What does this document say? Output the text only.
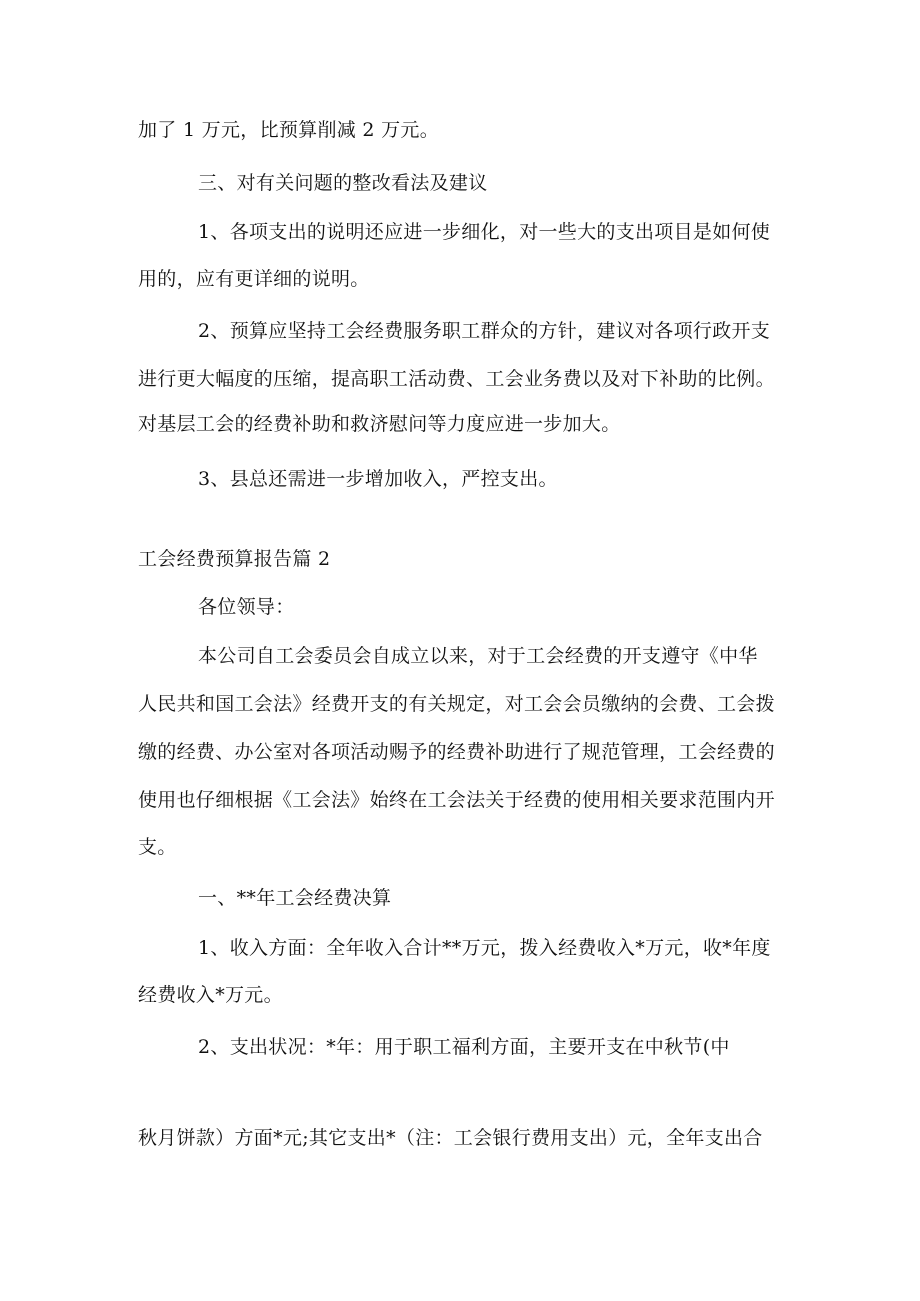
加了 1 万元，比预算削减 2 万元。
三、对有关问题的整改看法及建议
1、各项支出的说明还应进一步细化，对一些大的支出项目是如何使
用的，应有更详细的说明。
2、预算应坚持工会经费服务职工群众的方针，建议对各项行政开支
进行更大幅度的压缩，提高职工活动费、工会业务费以及对下补助的比例。
对基层工会的经费补助和救济慰问等力度应进一步加大。
3、县总还需进一步增加收入，严控支出。
工会经费预算报告篇 2
各位领导：
本公司自工会委员会自成立以来，对于工会经费的开支遵守《中华
人民共和国工会法》经费开支的有关规定，对工会会员缴纳的会费、工会拨
缴的经费、办公室对各项活动赐予的经费补助进行了规范管理，工会经费的
使用也仔细根据《工会法》始终在工会法关于经费的使用相关要求范围内开
支。
一、**年工会经费决算
1、收入方面：全年收入合计**万元，拨入经费收入*万元，收*年度
经费收入*万元。
2、支出状况：*年：用于职工福利方面，主要开支在中秋节(中
秋月饼款）方面*元;其它支出*（注：工会银行费用支出）元，全年支出合
